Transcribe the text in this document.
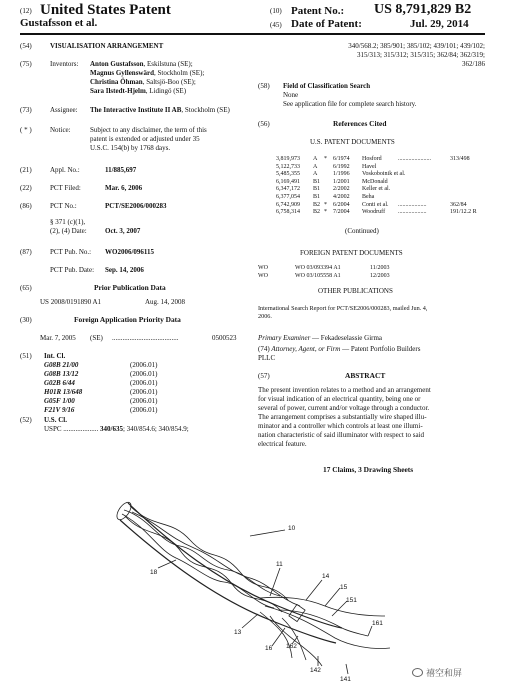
(12) United States Patent
Gustafsson et al.
(10) Patent No.: US 8,791,829 B2
(45) Date of Patent:	Jul. 29, 2014
(54)	VISUALISATION ARRANGEMENT
(75)	Inventors: Anton Gustafsson, Eskilstuna (SE);
Magnus Gyllenswärd, Stockholm (SE);
Christina Öhman, Saltsjö-Boo (SE);
Sara Ilstedt-Hjelm, Lidingö (SE)
(73)	Assignee: The Interactive Institute II AB, Stockholm (SE)
( * )	Notice:	Subject to any disclaimer, the term of this
patent is extended or adjusted under 35
U.S.C. 154(b) by 1768 days.
(21)	Appl. No.:	11/885,697
(22)	PCT Filed:	Mar. 6, 2006
(86)	PCT No.:	PCT/SE2006/000283
§ 371 (c)(1),
(2), (4) Date:	Oct. 3, 2007
(87)	PCT Pub. No.: WO2006/096115
PCT Pub. Date: Sep. 14, 2006
(65)	Prior Publication Data
US 2008/0191890 A1	Aug. 14, 2008
(30)	Foreign Application Priority Data
Mar. 7, 2005 (SE) ......................................	0500523
(51) Int. Cl.
G08B 21/00	(2006.01)
G08B 13/12	(2006.01)
G02B 6/44	(2006.01)
H01R 13/648	(2006.01)
G05F 1/00	(2006.01)
F21V 9/16	(2006.01)
(52) U.S. Cl.
USPC .................... 340/635; 340/854.6; 340/854.9;
340/568.2; 385/901; 385/102; 439/101; 439/102;
315/313; 315/312; 315/315; 362/84; 362/319;
362/186
(58) Field of Classification Search
None
See application file for complete search history.
(56)	References Cited
U.S. PATENT DOCUMENTS
3,819,973 A * 6/1974 Hosford	......................	313/498
5,122,733 A	6/1992 Havel
5,485,355 A	1/1996 Voskoboinik et al.
6,169,491 B1 1/2001 McDonald
6,347,172 B1 2/2002 Keller et al.
6,377,054 B1 4/2002 Beha
6,742,909 B2 * 6/2004 Conti et al. ...................	362/84
6,758,314 B2 * 7/2004 Woodruff ...................	191/12.2 R
(Continued)
FOREIGN PATENT DOCUMENTS
WO	WO 03/093394 A1	11/2003
WO	WO 03/105558 A1	12/2003
OTHER PUBLICATIONS
International Search Report for PCT/SE2006/000283, mailed Jun. 4,
2006.
Primary Examiner — Fekadeselassie Girma
(74) Attorney, Agent, or Firm — Patent Portfolio Builders
PLLC
(57)	ABSTRACT
The present invention relates to a method and an arrangement
for visual indication of an electrical quantity, being one or
several of power, current and/or voltage through a conductor.
The arrangement comprises a substantially wire shaped illu-
minator and a controller which controls at least one illumi-
nation characteristic of said illuminator with respect to said
electrical feature.
17 Claims, 3 Drawing Sheets
10
18
11
14
15
151
161
13
16 162
142
141
禧空和屏
